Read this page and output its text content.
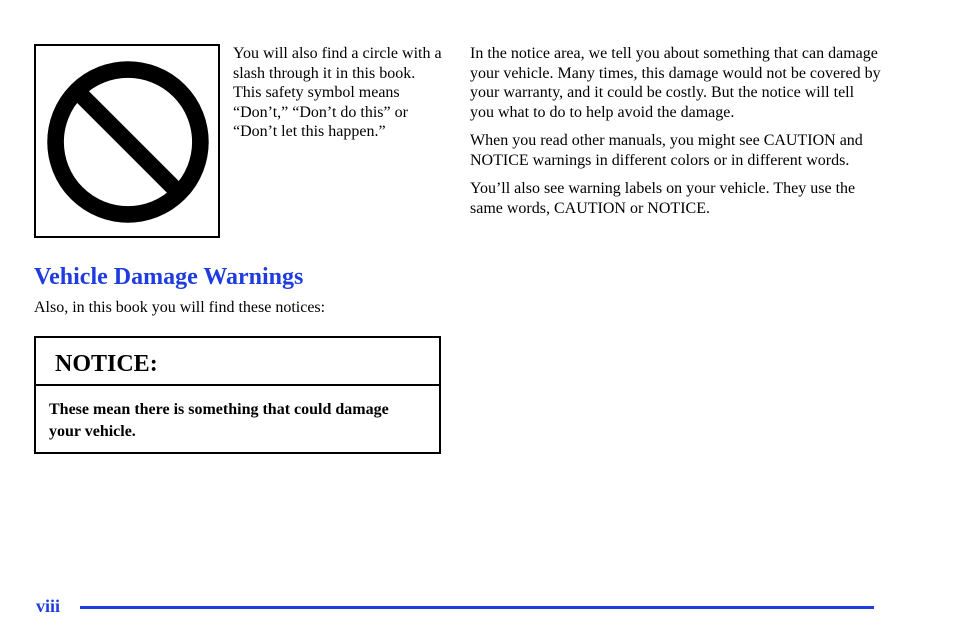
You will also find a circle with a slash through it in this book. This safety symbol means “Don’t,” “Don’t do this” or “Don’t let this happen.”

Vehicle Damage Warnings

Also, in this book you will find these notices:

NOTICE:
These mean there is something that could damage your vehicle.

In the notice area, we tell you about something that can damage your vehicle. Many times, this damage would not be covered by your warranty, and it could be costly. But the notice will tell you what to do to help avoid the damage.

When you read other manuals, you might see CAUTION and NOTICE warnings in different colors or in different words.

You’ll also see warning labels on your vehicle. They use the same words, CAUTION or NOTICE.

viii
